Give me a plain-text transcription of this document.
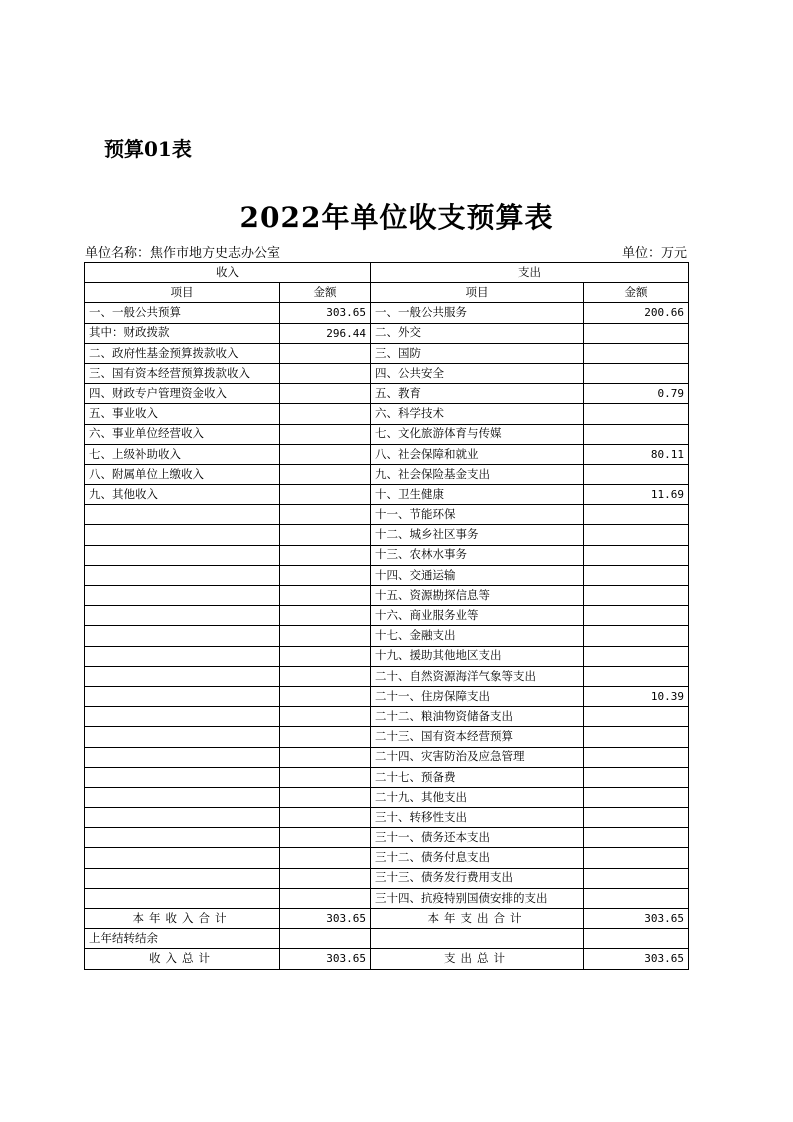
预算01表
2022年单位收支预算表
单位名称：焦作市地方史志办公室	单位：万元
收入		支出	
项目	金额	项目	金额
一、一般公共预算	303.65	一、一般公共服务	200.66
其中：财政拨款	296.44	二、外交	
二、政府性基金预算拨款收入		三、国防	
三、国有资本经营预算拨款收入		四、公共安全	
四、财政专户管理资金收入		五、教育	0.79
五、事业收入		六、科学技术	
六、事业单位经营收入		七、文化旅游体育与传媒	
七、上级补助收入		八、社会保障和就业	80.11
八、附属单位上缴收入		九、社会保险基金支出	
九、其他收入		十、卫生健康	11.69
		十一、节能环保	
		十二、城乡社区事务	
		十三、农林水事务	
		十四、交通运输	
		十五、资源勘探信息等	
		十六、商业服务业等	
		十七、金融支出	
		十九、援助其他地区支出	
		二十、自然资源海洋气象等支出	
		二十一、住房保障支出	10.39
		二十二、粮油物资储备支出	
		二十三、国有资本经营预算	
		二十四、灾害防治及应急管理	
		二十七、预备费	
		二十九、其他支出	
		三十、转移性支出	
		三十一、债务还本支出	
		三十二、债务付息支出	
		三十三、债务发行费用支出	
		三十四、抗疫特别国债安排的支出	
本年收入合计	303.65	本年支出合计	303.65
上年结转结余			
收入总计	303.65	支出总计	303.65
